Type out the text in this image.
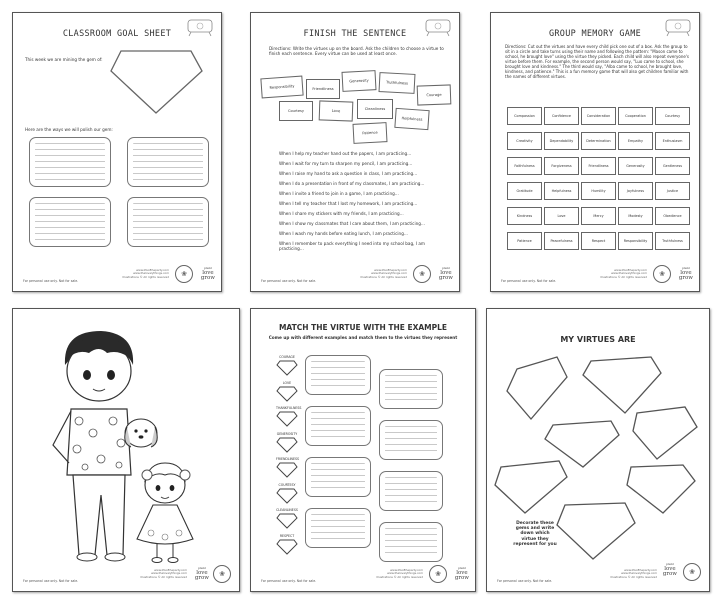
CLASSROOM GOAL SHEET
This week we are mining the gem of:
Here are the ways we will polish our gem:
For personal use only. Not for sale.
www.lifeoftheparty.com
www.thelovelythings.com
Illustrations © All rights reserved	❀
plant
love
grow
FINISH THE SENTENCE
Directions: Write the virtues up on the board. Ask the children to choose a virtue to finish each sentence. Every virtue can be used at least once.
Responsibility	Friendliness
Generosity	Truthfulness
Courage
Courtesy	Love	Cleanliness
Helpfulness
Patience
When I help my teacher hand out the papers, I am practicing...
When I wait for my turn to sharpen my pencil, I am practicing...
When I raise my hand to ask a question in class, I am practicing...
When I do a presentation in front of my classmates, I am practicing...
When I invite a friend to join in a game, I am practicing...
When I tell my teacher that I lost my homework, I am practicing...
When I share my stickers with my friends, I am practicing...
When I show my classmates that I care about them, I am practicing...
When I wash my hands before eating lunch, I am practicing...
When I remember to pack everything I need into my school bag, I am practicing...
For personal use only. Not for sale.
www.lifeoftheparty.com
www.thelovelythings.com
Illustrations © All rights reserved	❀
plant
love
grow
GROUP MEMORY GAME
Directions: Cut out the virtues and have every child pick one out of a box. Ask the group to sit in a circle and take turns using their name and following the pattern: "Mason came to school, he brought love" using the virtue they picked. Each child will also repeat everyone's virtue before them. For example, the second person would say, "Luo came to school, she brought love and kindness." The third would say, "Alba came to school, he brought love, kindness, and patience." This is a fun memory game that will also get children familiar with the names of different virtues.
Compassion	Confidence	Consideration	Cooperation	Courtesy
Creativity	Dependability	Determination	Empathy	Enthusiasm
Faithfulness	Forgiveness	Friendliness	Generosity	Gentleness
Gratitude	Helpfulness	Humility	Joyfulness	Justice
Kindness	Love	Mercy	Modesty	Obedience
Patience	Peacefulness	Respect	Responsibility	Truthfulness
For personal use only. Not for sale.
www.lifeoftheparty.com
www.thelovelythings.com
Illustrations © All rights reserved	❀
plant
love
grow
For personal use only. Not for sale.
www.lifeoftheparty.com
www.thelovelythings.com
Illustrations © All rights reserved
plant
love
grow	❀
MATCH THE VIRTUE WITH THE EXAMPLE
Come up with different examples and match them to the virtues they represent
COURAGE
LOVE
THANKFULNESS
GENEROSITY
FRIENDLINESS
COURTESY
CLEANLINESS
RESPECT
For personal use only. Not for sale.
www.lifeoftheparty.com
www.thelovelythings.com
Illustrations © All rights reserved	❀
plant
love
grow
MY VIRTUES ARE
Decorate these gems and write down which virtue they represent for you
For personal use only. Not for sale.
www.lifeoftheparty.com
www.thelovelythings.com
Illustrations © All rights reserved
plant
love
grow	❀
